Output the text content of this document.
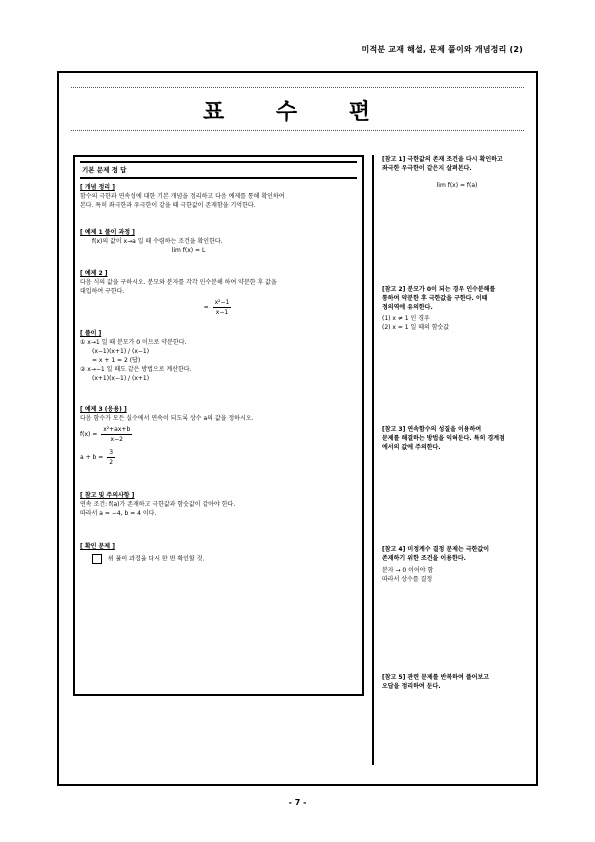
미적분 교재 해설, 문제 풀이와 개념정리 (2)
표 수 편
기본 문제 정 답
[ 개념 정리 ]
함수의 극한과 연속성에 대한 기본 개념을 정리하고 다음 예제를 통해 확인하여
본다. 특히 좌극한과 우극한이 같을 때 극한값이 존재함을 기억한다.
[ 예제 1 풀이 과정 ]
f(x)의 값이 x→a 일 때 수렴하는 조건을 확인한다.
lim f(x) = L
[ 예제 2 ]
다음 식의 값을 구하시오. 분모와 분자를 각각 인수분해 하여 약분한 후 값을
대입하여 구한다.
= $\frac{\text{x²−1}}{x-1}$
[ 풀이 ]
① x→1 일 때 분모가 0 이므로 약분한다.
(x−1)(x+1) / (x−1)
= x + 1 = 2 (답)
② x→−1 일 때도 같은 방법으로 계산한다.
(x+1)(x−1) / (x+1)
[ 예제 3 (응용) ]
다음 함수가 모든 실수에서 연속이 되도록 상수 a의 값을 정하시오.
$f(x) = \frac{\text{x²+ax+b}}{x-2}$
$a + b = \frac{3}{2}$
[ 참고 및 주의사항 ]
연속 조건: f(a)가 존재하고 극한값과 함숫값이 같아야 한다.
따라서 a = −4, b = 4 이다.
[ 확인 문제 ]
위 풀이 과정을 다시 한 번 확인할 것.
[참고 1] 극한값의 존재 조건을 다시 확인하고
좌극한 우극한이 같은지 살펴본다.
lim f(x) = f(a)
[참고 2] 분모가 0이 되는 경우 인수분해를
통하여 약분한 후 극한값을 구한다. 이때
정의역에 유의한다.
(1) x ≠ 1 인 경우
(2) x = 1 일 때의 함숫값
[참고 3] 연속함수의 성질을 이용하여
문제를 해결하는 방법을 익혀둔다. 특히 경계점
에서의 값에 주의한다.
[참고 4] 미정계수 결정 문제는 극한값이
존재하기 위한 조건을 이용한다.
분자 → 0 이어야 함
따라서 상수를 결정
[참고 5] 관련 문제를 반복하여 풀어보고
오답을 정리하여 둔다.
- 7 -
